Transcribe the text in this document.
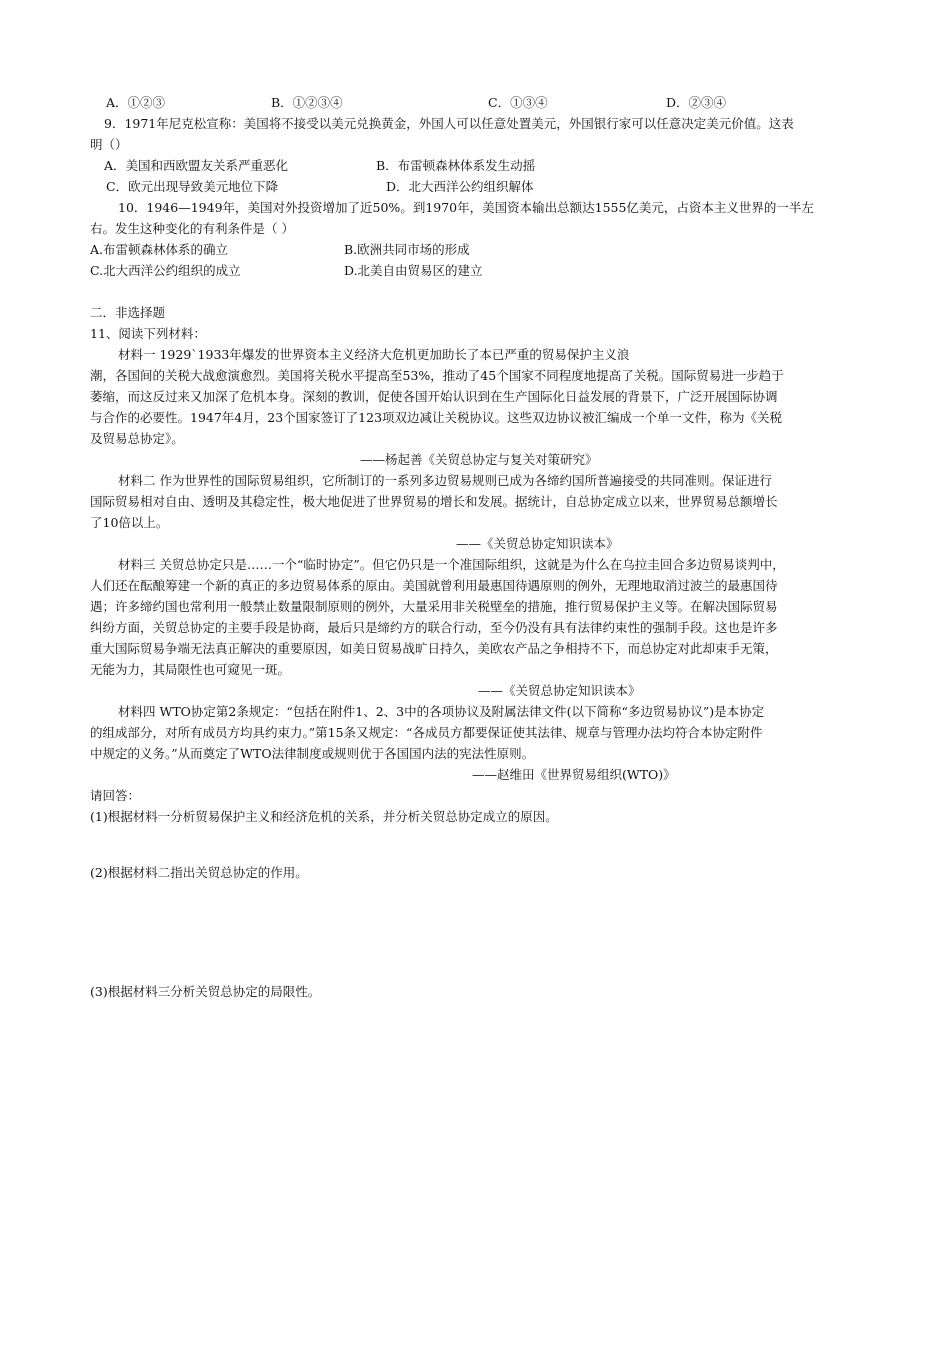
A．①②③	B．①②③④	C．①③④	D．②③④
9．1971年尼克松宣称：美国将不接受以美元兑换黄金，外国人可以任意处置美元，外国银行家可以任意决定美元价值。这表
明（）
A．美国和西欧盟友关系严重恶化	B．布雷顿森林体系发生动摇
C．欧元出现导致美元地位下降	D．北大西洋公约组织解体
10．1946—1949年，美国对外投资增加了近50%。到1970年，美国资本输出总额达1555亿美元，占资本主义世界的一半左
右。发生这种变化的有利条件是（ ）
A.布雷顿森林体系的确立	B.欧洲共同市场的形成
C.北大西洋公约组织的成立	D.北美自由贸易区的建立
二．非选择题
11、阅读下列材料：
材料一 1929`1933年爆发的世界资本主义经济大危机更加助长了本已严重的贸易保护主义浪
潮，各国间的关税大战愈演愈烈。美国将关税水平提高至53%，推动了45个国家不同程度地提高了关税。国际贸易进一步趋于
萎缩，而这反过来又加深了危机本身。深刻的教训，促使各国开始认识到在生产国际化日益发展的背景下，广泛开展国际协调
与合作的必要性。1947年4月，23个国家签订了123项双边减让关税协议。这些双边协议被汇编成一个单一文件，称为《关税
及贸易总协定》。
——杨起善《关贸总协定与复关对策研究》
材料二 作为世界性的国际贸易组织，它所制订的一系列多边贸易规则已成为各缔约国所普遍接受的共同准则。保证进行
国际贸易相对自由、透明及其稳定性，极大地促进了世界贸易的增长和发展。据统计，自总协定成立以来，世界贸易总额增长
了10倍以上。
——《关贸总协定知识读本》
材料三 关贸总协定只是……一个“临时协定”。但它仍只是一个准国际组织，这就是为什么在乌拉圭回合多边贸易谈判中，
人们还在酝酿筹建一个新的真正的多边贸易体系的原由。美国就曾利用最惠国待遇原则的例外，无理地取消过波兰的最惠国待
遇；许多缔约国也常利用一般禁止数量限制原则的例外，大量采用非关税壁垒的措施，推行贸易保护主义等。在解决国际贸易
纠纷方面，关贸总协定的主要手段是协商，最后只是缔约方的联合行动，至今仍没有具有法律约束性的强制手段。这也是许多
重大国际贸易争端无法真正解决的重要原因，如美日贸易战旷日持久，美欧农产品之争相持不下，而总协定对此却束手无策，
无能为力，其局限性也可窥见一斑。
——《关贸总协定知识读本》
材料四 WTO协定第2条规定：“包括在附件1、2、3中的各项协议及附属法律文件(以下简称“多边贸易协议”)是本协定
的组成部分，对所有成员方均具约束力。”第15条又规定：“各成员方都要保证使其法律、规章与管理办法均符合本协定附件
中规定的义务。”从而奠定了WTO法律制度或规则优于各国国内法的宪法性原则。
——赵维田《世界贸易组织(WTO)》
请回答：
(1)根据材料一分析贸易保护主义和经济危机的关系，并分析关贸总协定成立的原因。
(2)根据材料二指出关贸总协定的作用。
(3)根据材料三分析关贸总协定的局限性。
